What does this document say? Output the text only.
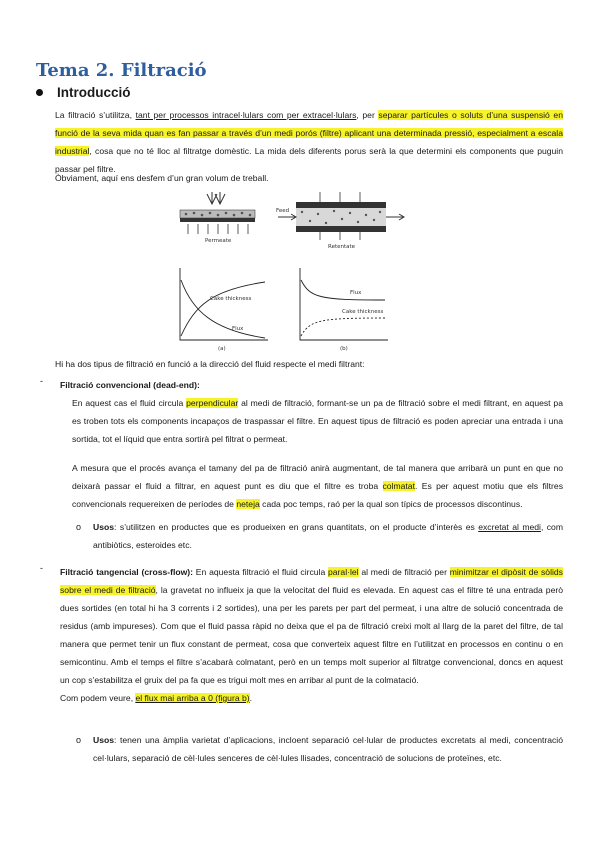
Tema 2. Filtració
Introducció

La filtració s’utilitza, tant per processos intracel·lulars com per extracel·lulars, per separar partícules o soluts d’una suspensió en funció de la seva mida quan es fan passar a través d’un medi porós (filtre) aplicant una determinada pressió, especialment a escala industrial, cosa que no té lloc al filtratge domèstic. La mida dels diferents porus serà la que determini els components que puguin passar pel filtre.

Òbviament, aquí ens desfem d’un gran volum de treball.

Permeate
Feed
Retentate
Cake thickness
Flux
(a)
Flux
Cake thickness
(b)

Hi ha dos tipus de filtració en funció a la direcció del fluid respecte el medi filtrant:

- Filtració convencional (dead-end):

En aquest cas el fluid circula perpendicular al medi de filtració, formant-se un pa de filtració sobre el medi filtrant, en aquest pa es troben tots els components incapaços de traspassar el filtre. En aquest tipus de filtració es poden apreciar una entrada i una sortida, tot el líquid que entra sortirà pel filtrat o permeat.

A mesura que el procés avança el tamany del pa de filtració anirà augmentant, de tal manera que arribarà un punt en que no deixarà passar el fluid a filtrar, en aquest punt es diu que el filtre es troba colmatat. Es per aquest motiu que els filtres convencionals requereixen de períodes de neteja cada poc temps, raó per la qual son típics de processos discontinus.

o Usos: s’utilitzen en productes que es produeixen en grans quantitats, on el producte d’interès es excretat al medi, com antibiòtics, esteroides etc.

- Filtració tangencial (cross-flow): En aquesta filtració el fluid circula paral·lel al medi de filtració per minimitzar el dipòsit de sòlids sobre el medi de filtració, la gravetat no influeix ja que la velocitat del fluid es elevada. En aquest cas el filtre té una entrada però dues sortides (en total hi ha 3 corrents i 2 sortides), una per les parets per part del permeat, i una altre de solució concentrada de residus (amb impureses). Com que el fluid passa ràpid no deixa que el pa de filtració creixi molt al llarg de la paret del filtre, de tal manera que permet tenir un flux constant de permeat, cosa que converteix aquest filtre en l’utilitzat en processos en continu o en semicontinu. Amb el temps el filtre s’acabarà colmatant, però en un temps molt superior al filtratge convencional, doncs en aquest un cop s’estabilitza el gruix del pa fa que es trigui molt mes en arribar al punt de la colmatació.

Com podem veure, el flux mai arriba a 0 (figura b).

o Usos: tenen una àmplia varietat d’aplicacions, incloent separació cel·lular de productes excretats al medi, concentració cel·lulars, separació de cèl·lules senceres de cèl·lules llisades, concentració de solucions de proteïnes, etc.
